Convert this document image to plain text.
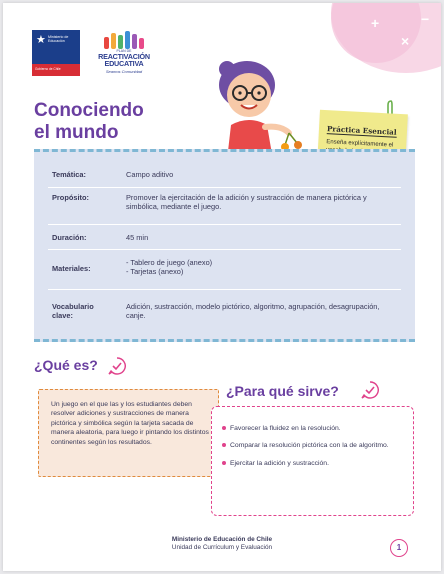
+
×
−
★ Ministerio de
Educación
Gobierno de Chile
PLAN DE
REACTIVACIÓN
EDUCATIVA
Seamos Comunidad
Conociendo
el mundo	Práctica Esencial
Enseña explícitamente el
Temática:	Campo aditivo
Propósito:	Promover la ejercitación de la adición y sustracción de manera pictórica y simbólica, mediante el juego.
Duración:	45 min
Materiales:
- Tablero de juego (anexo)
- Tarjetas (anexo)
Vocabulario
clave:
Adición, sustracción, modelo pictórico, algoritmo, agrupación, desagrupación, canje.
¿Qué es?
Un juego en el que las y los estudiantes deben resolver adiciones y sustracciones de manera pictórica y simbólica según la tarjeta sacada de manera aleatoria, para luego ir pintando los distintos continentes según los resultados.
¿Para qué sirve?
Favorecer la fluidez en la resolución.
Comparar la resolución pictórica con la de algoritmo.
Ejercitar la adición y sustracción.
Ministerio de Educación de Chile
Unidad de Currículum y Evaluación	1
